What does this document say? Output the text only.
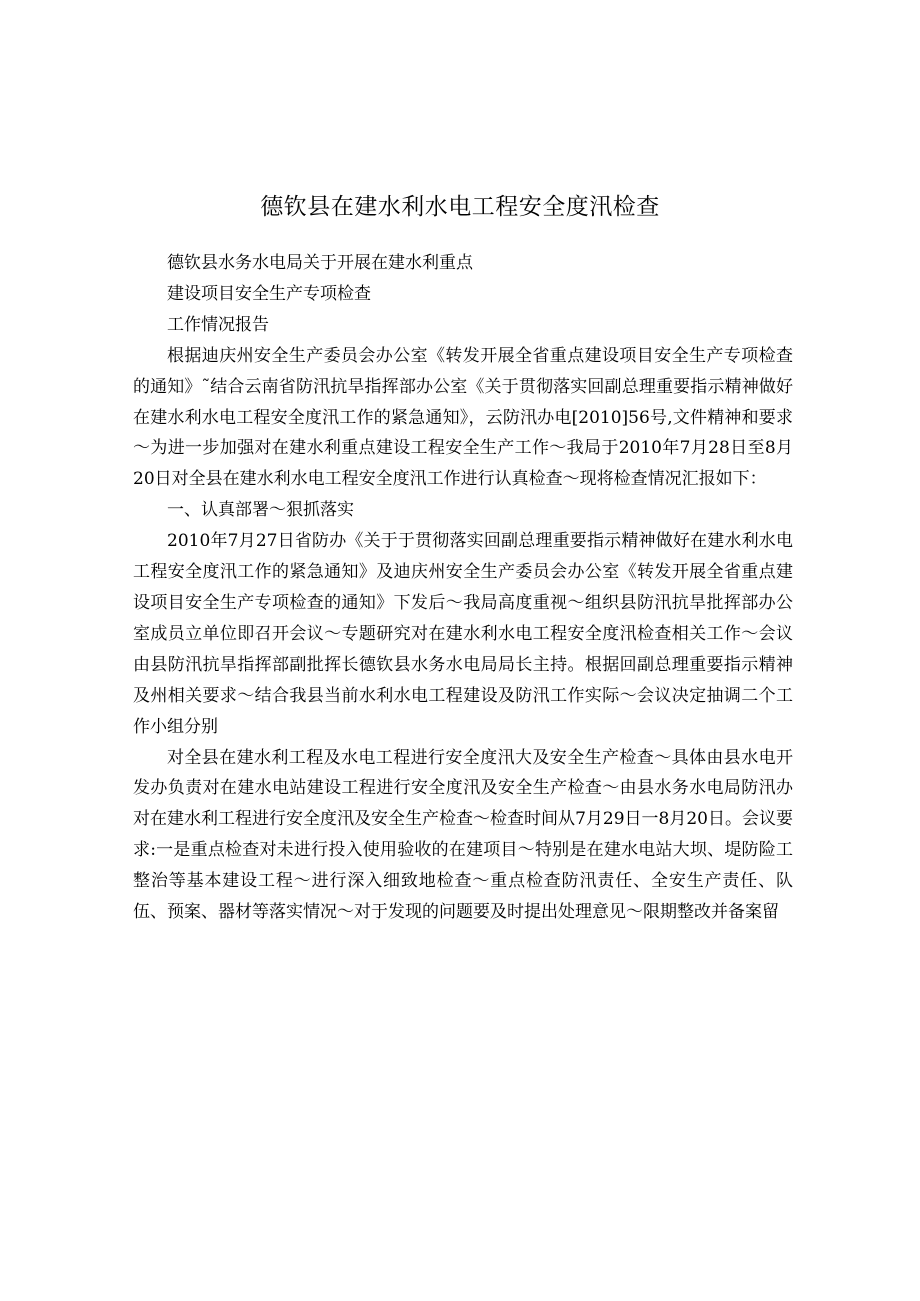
德钦县在建水利水电工程安全度汛检查

德钦县水务水电局关于开展在建水利重点

建设项目安全生产专项检查

工作情况报告

根据迪庆州安全生产委员会办公室《转发开展全省重点建设项目安全生产专项检查的通知》˜结合云南省防汛抗旱指挥部办公室《关于贯彻落实回副总理重要指示精神做好在建水利水电工程安全度汛工作的紧急通知》，云防汛办电[2010]56号,文件精神和要求～为进一步加强对在建水利重点建设工程安全生产工作～我局于2010年7月28日至8月20日对全县在建水利水电工程安全度汛工作进行认真检查～现将检查情况汇报如下：

一、认真部署～狠抓落实

2010年7月27日省防办《关于于贯彻落实回副总理重要指示精神做好在建水利水电工程安全度汛工作的紧急通知》及迪庆州安全生产委员会办公室《转发开展全省重点建设项目安全生产专项检查的通知》下发后～我局高度重视～组织县防汛抗旱批挥部办公室成员立单位即召开会议～专题研究对在建水利水电工程安全度汛检查相关工作～会议由县防汛抗旱指挥部副批挥长德钦县水务水电局局长主持。根据回副总理重要指示精神及州相关要求～结合我县当前水利水电工程建设及防汛工作实际～会议决定抽调二个工作小组分别

对全县在建水利工程及水电工程进行安全度汛大及安全生产检查～具体由县水电开发办负责对在建水电站建设工程进行安全度汛及安全生产检查～由县水务水电局防汛办对在建水利工程进行安全度汛及安全生产检查～检查时间从7月29日一8月20日。会议要求:一是重点检查对未进行投入使用验收的在建项目～特别是在建水电站大坝、堤防险工整治等基本建设工程～进行深入细致地检查～重点检查防汛责任、全安生产责任、队伍、预案、器材等落实情况～对于发现的问题要及时提出处理意见～限期整改并备案留
